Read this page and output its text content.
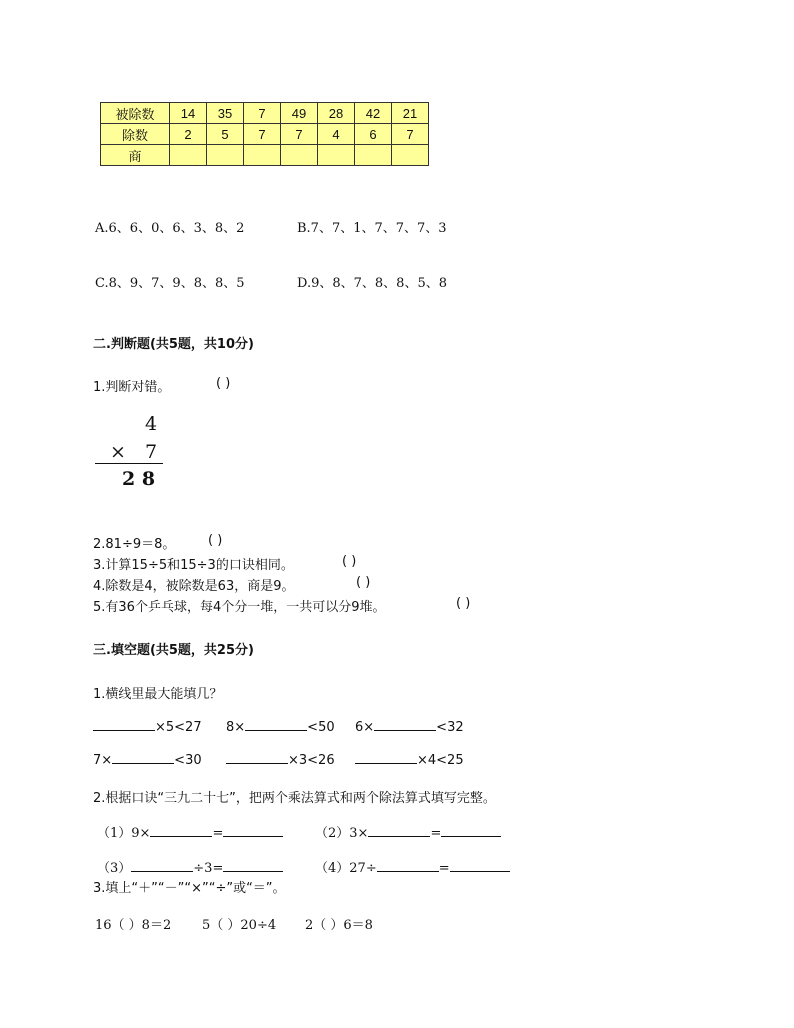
被除数	14	35	7	49	28	42	21
除数	2	5	7	7	4	6	7
商							
A.6、6、0、6、3、8、2	B.7、7、1、7、7、7、3
C.8、9、7、9、8、8、5	D.9、8、7、8、8、5、8
二.判断题(共5题，共10分)
1.判断对错。	( )
4
× 7
2 8
2.81÷9＝8。	( )
3.计算15÷5和15÷3的口诀相同。	( )
4.除数是4，被除数是63，商是9。	( )
5.有36个乒乓球，每4个分一堆，一共可以分9堆。	( )
三.填空题(共5题，共25分)
1.横线里最大能填几？
×5<27 8×	<50 6×	<32
7×	<30	×3<26	×4<25
2.根据口诀“三九二十七”，把两个乘法算式和两个除法算式填写完整。
（1）9×	=	（2）3×	=
（3）	÷3=	（4）27÷	=
3.填上“＋”“－”“×”“÷”或“＝”。
16（ ）8＝2 5（ ）20÷4 2（ ）6＝8
